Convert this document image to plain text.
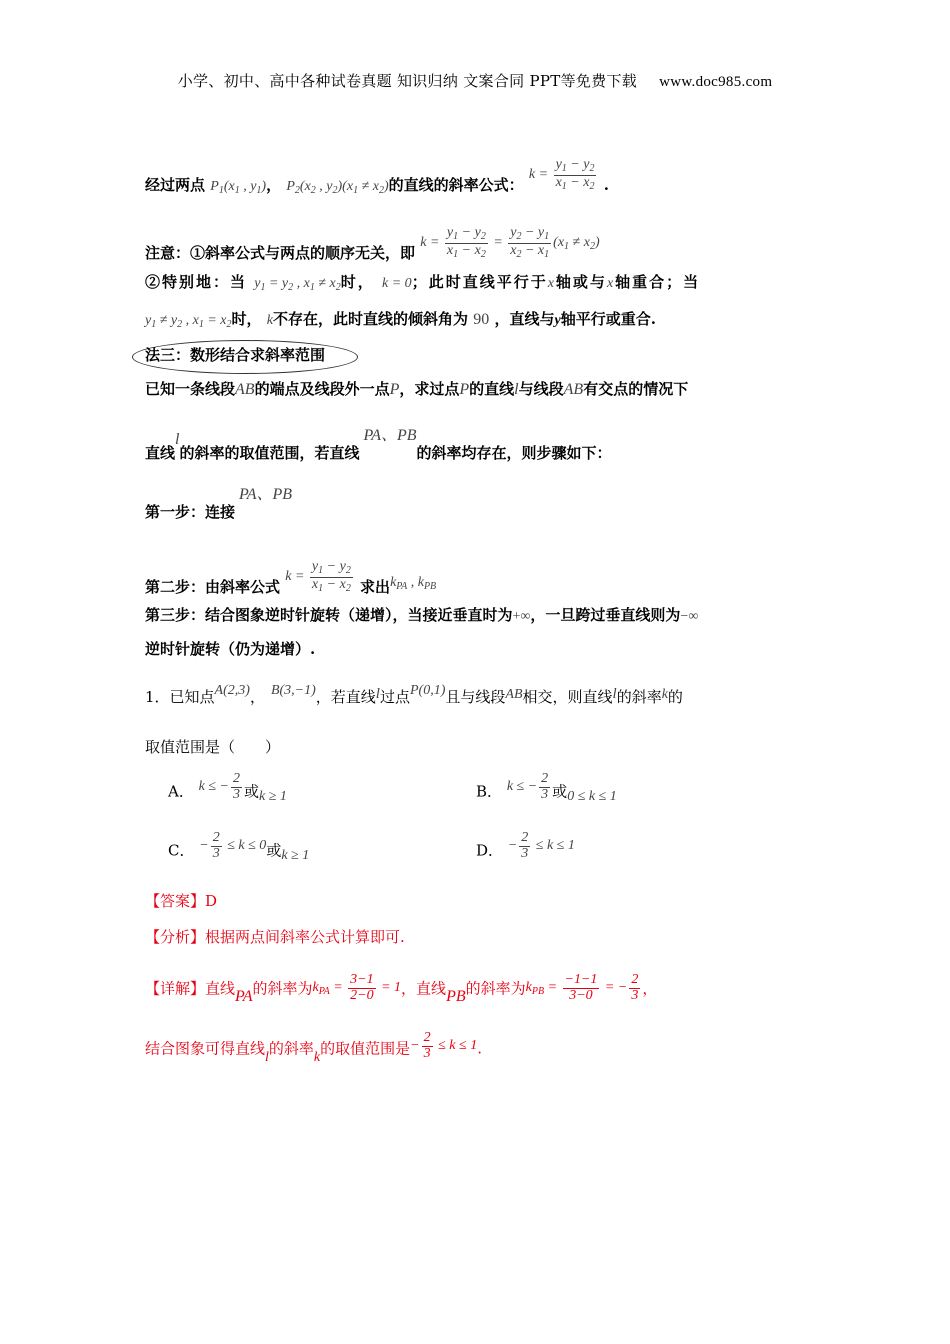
小学、初中、高中各种试卷真题 知识归纳 文案合同 PPT等免费下载 www.doc985.com
经过两点 $P_1(x_1$ , $y_1$)， $P_2(x_2$ , $y_2)(x_1 \ne x_2)$的直线的斜率公式： $k = \frac{y_1 - y_2}{x_1 - x_2}$ .
注意：①斜率公式与两点的顺序无关，即 $k = \frac{y_1 - y_2}{x_1 - x_2} = \frac{y_2 - y_1}{x_2 - x_1} (x_1 \ne x_2)$
②特别地：当 $y_1 = y_2$ , $x_1 \ne x_2$时， k = 0；此时直线平行于x轴或与x轴重合；当
$y_1 \ne y_2$ , $x_1 = x_2$时， k不存在，此时直线的倾斜角为 90 ，直线与y轴平行或重合.
法三：数形结合求斜率范围
已知一条线段AB的端点及线段外一点P，求过点P的直线l与线段AB有交点的情况下
直线l的斜率的取值范围，若直线PA、PB的斜率均存在，则步骤如下：
第一步：连接PA、PB
第二步：由斜率公式 $k = \frac{y_1 - y_2}{x_1 - x_2}$ 求出$k_{PA}$ , $k_{PB}$
第三步：结合图象逆时针旋转（递增），当接近垂直时为+∞，一旦跨过垂直线则为−∞
逆时针旋转（仍为递增）.
1．已知点A(2,3)， B(3,−1)，若直线l过点P(0,1)且与线段AB相交，则直线l的斜率k的
取值范围是（　　）
A． k ≤ − $\frac{2}{3}$ 或k ≥ 1	B． k ≤ − $\frac{2}{3}$ 或0 ≤ k ≤ 1
C． − $\frac{2}{3} \le k \le 0$或k ≥ 1	D． − $\frac{2}{3} \le k \le 1$
【答案】D
【分析】根据两点间斜率公式计算即可.
【详解】直线PA的斜率为$k_{PA} = \frac{3-1}{2-0} = 1$，直线PB的斜率为$k_{PB} = \frac{-1-1}{3-0}$ = − $\frac{2}{3}$ ，
结合图象可得直线l的斜率k的取值范围是− $\frac{2}{3} \le k \le 1$.
